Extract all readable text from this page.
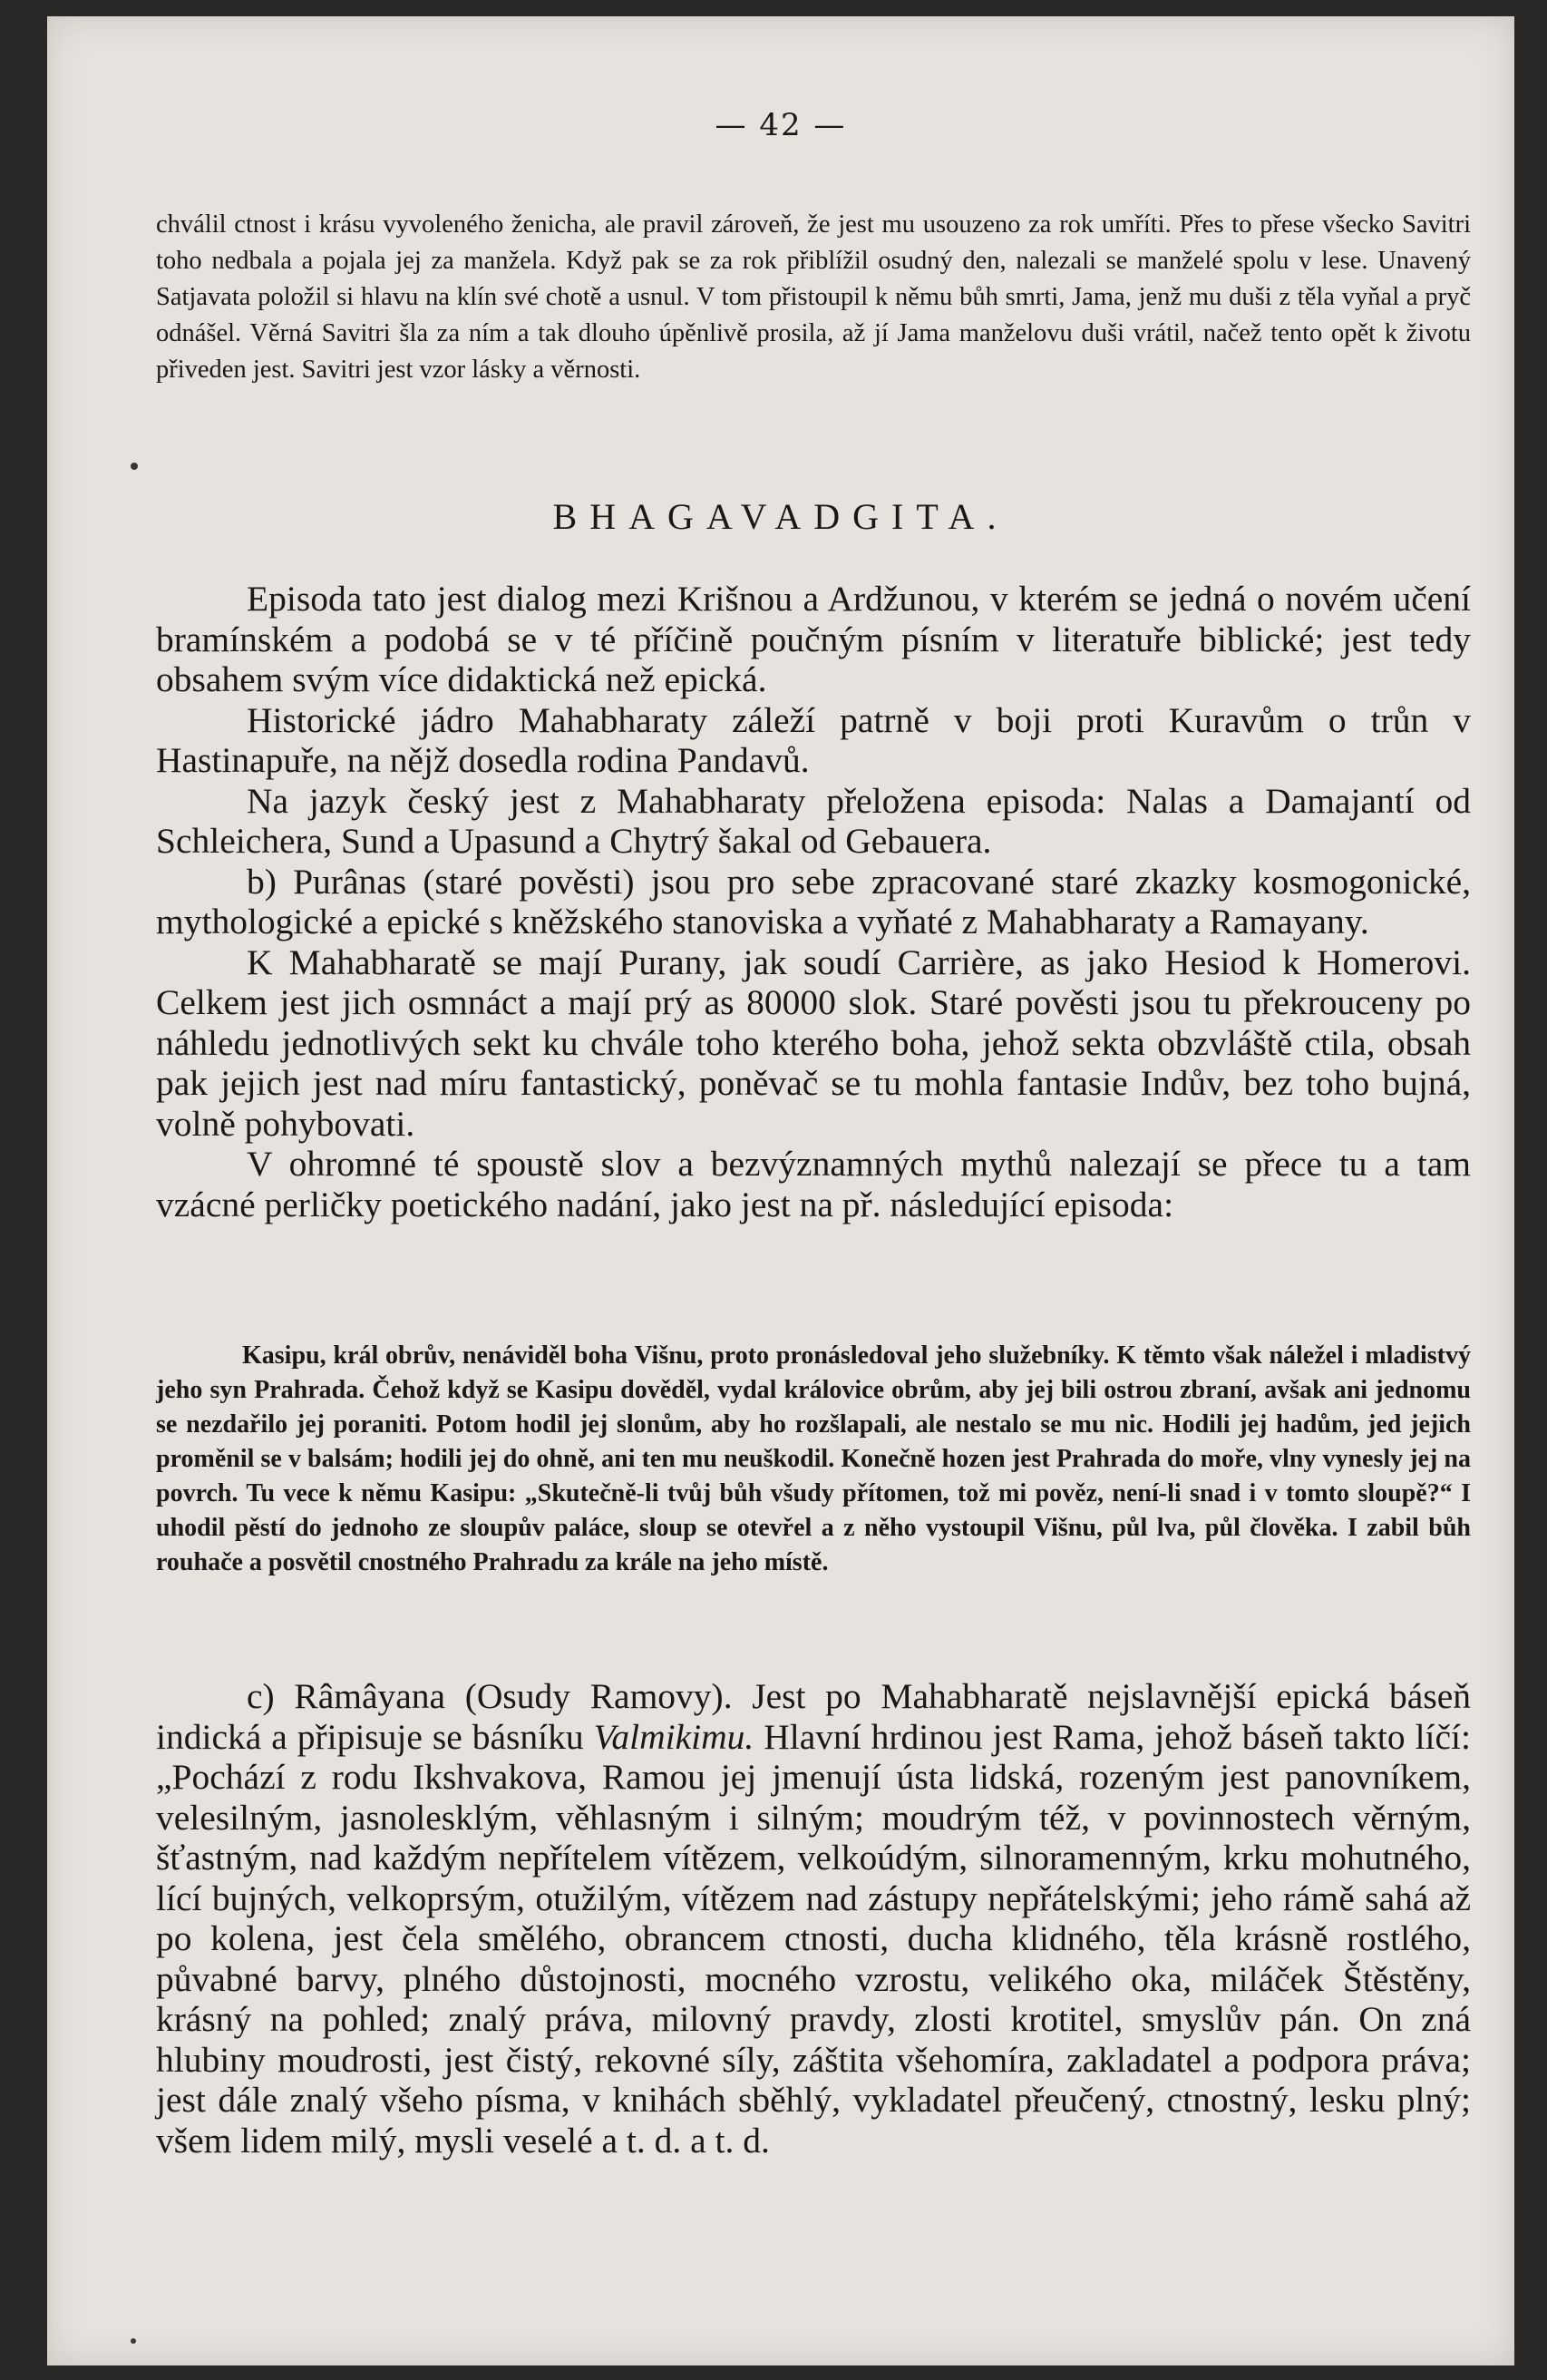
— 42 —

chválil ctnost i krásu vyvoleného ženicha, ale pravil zároveň, že jest mu usouzeno za rok umříti. Přes to přese všecko Savitri toho nedbala a pojala jej za manžela. Když pak se za rok přiblížil osudný den, nalezali se manželé spolu v lese. Unavený Satjavata položil si hlavu na klín své chotě a usnul. V tom přistoupil k němu bůh smrti, Jama, jenž mu duši z těla vyňal a pryč odnášel. Věrná Savitri šla za ním a tak dlouho úpěnlivě prosila, až jí Jama manželovu duši vrátil, načež tento opět k životu přiveden jest. Savitri jest vzor lásky a věrnosti.

BHAGAVADGITA.

Episoda tato jest dialog mezi Krišnou a Ardžunou, v kterém se jedná o novém učení bramínském a podobá se v té příčině poučným písním v literatuře biblické; jest tedy obsahem svým více didaktická než epická.

Historické jádro Mahabharaty záleží patrně v boji proti Kuravům o trůn v Hastinapuře, na nějž dosedla rodina Pandavů.

Na jazyk český jest z Mahabharaty přeložena episoda: Nalas a Damajantí od Schleichera, Sund a Upasund a Chytrý šakal od Gebauera.

b) Purânas (staré pověsti) jsou pro sebe zpracované staré zkazky kosmogonické, mythologické a epické s kněžského stanoviska a vyňaté z Mahabharaty a Ramayany.

K Mahabharatě se mají Purany, jak soudí Carrière, as jako Hesiod k Homerovi. Celkem jest jich osmnáct a mají prý as 80000 slok. Staré pověsti jsou tu překrouceny po náhledu jednotlivých sekt ku chvále toho kterého boha, jehož sekta obzvláště ctila, obsah pak jejich jest nad míru fantastický, poněvač se tu mohla fantasie Indův, bez toho bujná, volně pohybovati.

V ohromné té spoustě slov a bezvýznamných mythů nalezají se přece tu a tam vzácné perličky poetického nadání, jako jest na př. následující episoda:

Kasipu, král obrův, nenáviděl boha Višnu, proto pronásledoval jeho služebníky. K těmto však náležel i mladistvý jeho syn Prahrada. Čehož když se Kasipu dověděl, vydal královice obrům, aby jej bili ostrou zbraní, avšak ani jednomu se nezdařilo jej poraniti. Potom hodil jej slonům, aby ho rozšlapali, ale nestalo se mu nic. Hodili jej hadům, jed jejich proměnil se v balsám; hodili jej do ohně, ani ten mu neuškodil. Konečně hozen jest Prahrada do moře, vlny vynesly jej na povrch. Tu vece k němu Kasipu: „Skutečně-li tvůj bůh všudy přítomen, tož mi pověz, není-li snad i v tomto sloupě?“ I uhodil pěstí do jednoho ze sloupův paláce, sloup se otevřel a z něho vystoupil Višnu, půl lva, půl člověka. I zabil bůh rouhače a posvětil cnostného Prahradu za krále na jeho místě.

c) Râmâyana (Osudy Ramovy). Jest po Mahabharatě nejslavnější epická báseň indická a připisuje se básníku Valmikimu. Hlavní hrdinou jest Rama, jehož báseň takto líčí: „Pochází z rodu Ikshvakova, Ramou jej jmenují ústa lidská, rozeným jest panovníkem, velesilným, jasnolesklým, věhlasným i silným; moudrým též, v povinnostech věrným, šťastným, nad každým nepřítelem vítězem, velkoúdým, silnoramenným, krku mohutného, lící bujných, velkoprsým, otužilým, vítězem nad zástupy nepřátelskými; jeho rámě sahá až po kolena, jest čela smělého, obrancem ctnosti, ducha klidného, těla krásně rostlého, půvabné barvy, plného důstojnosti, mocného vzrostu, velikého oka, miláček Štěstěny, krásný na pohled; znalý práva, milovný pravdy, zlosti krotitel, smyslův pán. On zná hlubiny moudrosti, jest čistý, rekovné síly, záštita všehomíra, zakladatel a podpora práva; jest dále znalý všeho písma, v knihách sběhlý, vykladatel přeučený, ctnostný, lesku plný; všem lidem milý, mysli veselé a t. d. a t. d.
